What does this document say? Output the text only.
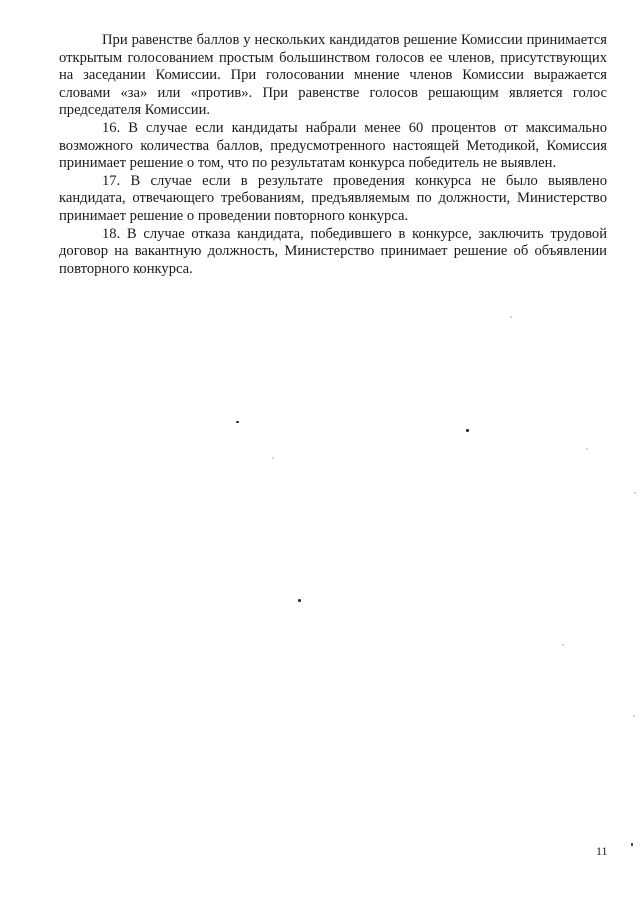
При равенстве баллов у нескольких кандидатов решение Комиссии принимается открытым голосованием простым большинством голосов ее членов, присутствующих на заседании Комиссии. При голосовании мнение членов Комиссии выражается словами «за» или «против». При равенстве голосов решающим является голос председателя Комиссии.

16. В случае если кандидаты набрали менее 60 процентов от максимально возможного количества баллов, предусмотренного настоящей Методикой, Комиссия принимает решение о том, что по результатам конкурса победитель не выявлен.

17. В случае если в результате проведения конкурса не было выявлено кандидата, отвечающего требованиям, предъявляемым по должности, Министерство принимает решение о проведении повторного конкурса.

18. В случае отказа кандидата, победившего в конкурсе, заключить трудовой договор на вакантную должность, Министерство принимает решение об объявлении повторного конкурса.

11
